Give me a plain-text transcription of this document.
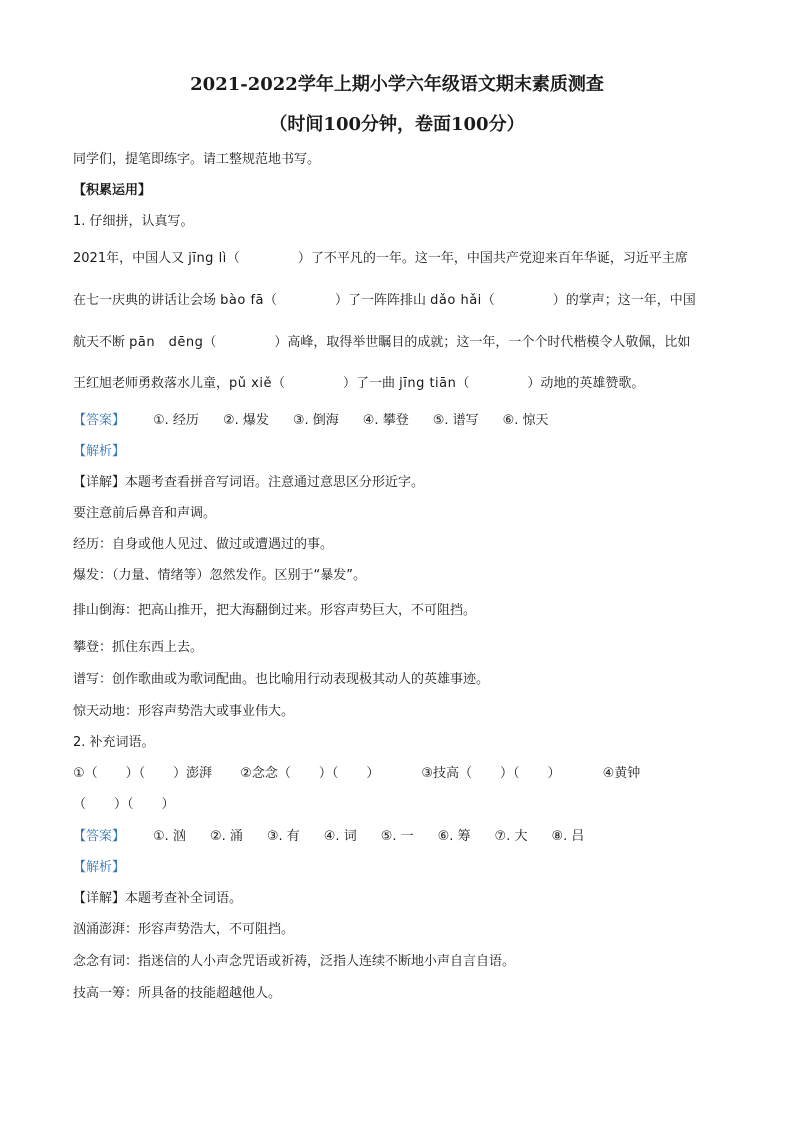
2021-2022学年上期小学六年级语文期末素质测查
（时间100分钟，卷面100分）
同学们，提笔即练字。请工整规范地书写。
【积累运用】
1. 仔细拼，认真写。
2021年，中国人又 jīng lì（	）了不平凡的一年。这一年，中国共产党迎来百年华诞，习近平主席
在七一庆典的讲话让会场 bào fā（	）了一阵阵排山 dǎo hǎi（	）的掌声；这一年，中国
航天不断 pān　dēng（	）高峰，取得举世瞩目的成就；这一年，一个个时代楷模令人敬佩，比如
王红旭老师勇救落水儿童，pǔ xiě（	）了一曲 jīng tiān（	）动地的英雄赞歌。
【答案】 ①. 经历 ②. 爆发 ③. 倒海 ④. 攀登 ⑤. 谱写 ⑥. 惊天
【解析】
【详解】本题考查看拼音写词语。注意通过意思区分形近字。
要注意前后鼻音和声调。
经历：自身或他人见过、做过或遭遇过的事。
爆发：（力量、情绪等）忽然发作。区别于“暴发”。
排山倒海：把高山推开，把大海翻倒过来。形容声势巨大，不可阻挡。
攀登：抓住东西上去。
谱写：创作歌曲或为歌词配曲。也比喻用行动表现极其动人的英雄事迹。
惊天动地：形容声势浩大或事业伟大。
2. 补充词语。
①（ ）（ ）澎湃 ②念念（ ）（ ）	③技高（ ）（ ）	④黄钟
（ ）（ ）
【答案】 ①. 汹 ②. 涌 ③. 有 ④. 词 ⑤. 一 ⑥. 筹 ⑦. 大 ⑧. 吕
【解析】
【详解】本题考查补全词语。
汹涌澎湃：形容声势浩大，不可阻挡。
念念有词：指迷信的人小声念咒语或祈祷，泛指人连续不断地小声自言自语。
技高一筹：所具备的技能超越他人。
